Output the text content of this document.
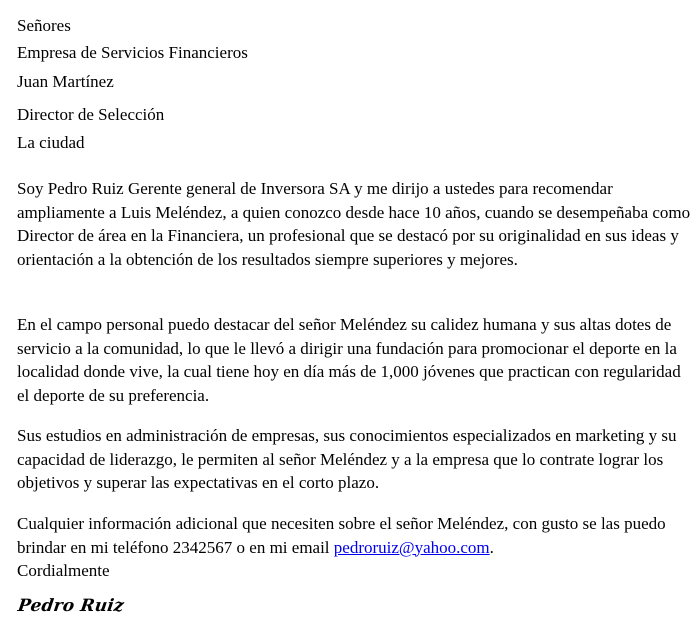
Señores
Empresa de Servicios Financieros
Juan Martínez
Director de Selección
La ciudad

Soy Pedro Ruiz Gerente general de Inversora SA y me dirijo a ustedes para recomendar ampliamente a Luis Meléndez, a quien conozco desde hace 10 años, cuando se desempeñaba como Director de área en la Financiera, un profesional que se destacó por su originalidad en sus ideas y orientación a la obtención de los resultados siempre superiores y mejores.

En el campo personal puedo destacar del señor Meléndez su calidez humana y sus altas dotes de servicio a la comunidad, lo que le llevó a dirigir una fundación para promocionar el deporte en la localidad donde vive, la cual tiene hoy en día más de 1,000 jóvenes que practican con regularidad el deporte de su preferencia.

Sus estudios en administración de empresas, sus conocimientos especializados en marketing y su capacidad de liderazgo, le permiten al señor Meléndez y a la empresa que lo contrate lograr los objetivos y superar las expectativas en el corto plazo.

Cualquier información adicional que necesiten sobre el señor Meléndez, con gusto se las puedo brindar en mi teléfono 2342567 o en mi email pedroruiz@yahoo.com.
Cordialmente

Pedro Ruiz
